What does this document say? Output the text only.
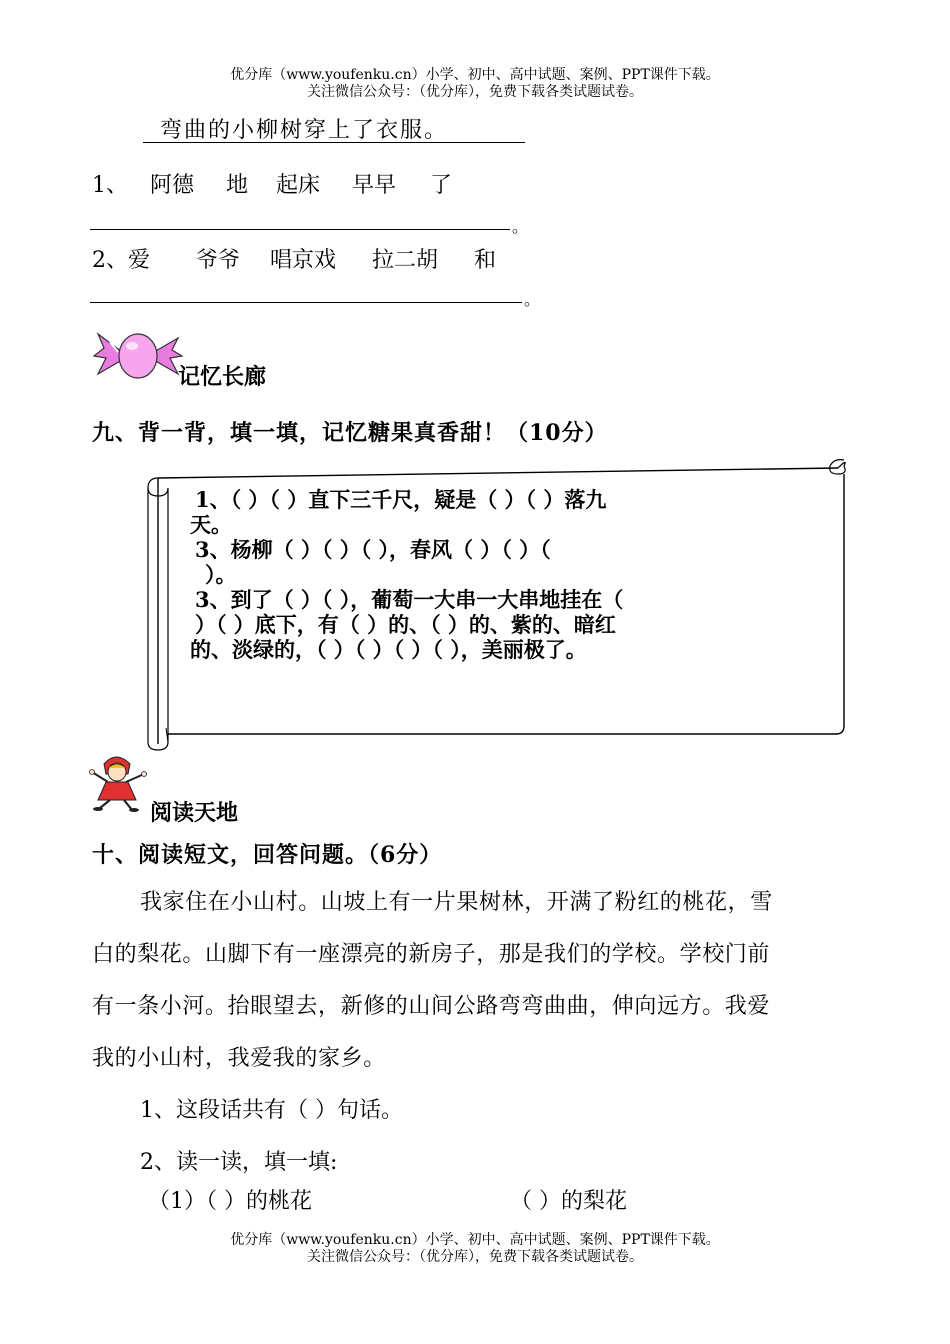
优分库（www.youfenku.cn）小学、初中、高中试题、案例、PPT课件下载。
关注微信公众号：（优分库），免费下载各类试题试卷。
弯曲的小柳树穿上了衣服。
1、 阿德 地 起床 早早 了
。
2、 爱 爷爷 唱京戏 拉二胡 和
。
记忆长廊
九、背一背，填一填，记忆糖果真香甜！（10分）
1、（ ）（ ）直下三千尺，疑是（ ）（ ）落九
天。
3、杨柳（ ）（ ）（ ），春风（ ）（ ）（
）。
3、到了（ ）（ ），葡萄一大串一大串地挂在（
）（ ）底下，有（ ）的、（ ）的、紫的、暗红
的、淡绿的，（ ）（ ）（ ）（ ），美丽极了。
阅读天地
十、阅读短文，回答问题。（6分）
我家住在小山村。山坡上有一片果树林，开满了粉红的桃花，雪
白的梨花。山脚下有一座漂亮的新房子，那是我们的学校。学校门前
有一条小河。抬眼望去，新修的山间公路弯弯曲曲，伸向远方。我爱
我的小山村，我爱我的家乡。
1、这段话共有（ ）句话。
2、读一读，填一填:
（1）（ ）的桃花	（ ）的梨花
优分库（www.youfenku.cn）小学、初中、高中试题、案例、PPT课件下载。
关注微信公众号：（优分库），免费下载各类试题试卷。
